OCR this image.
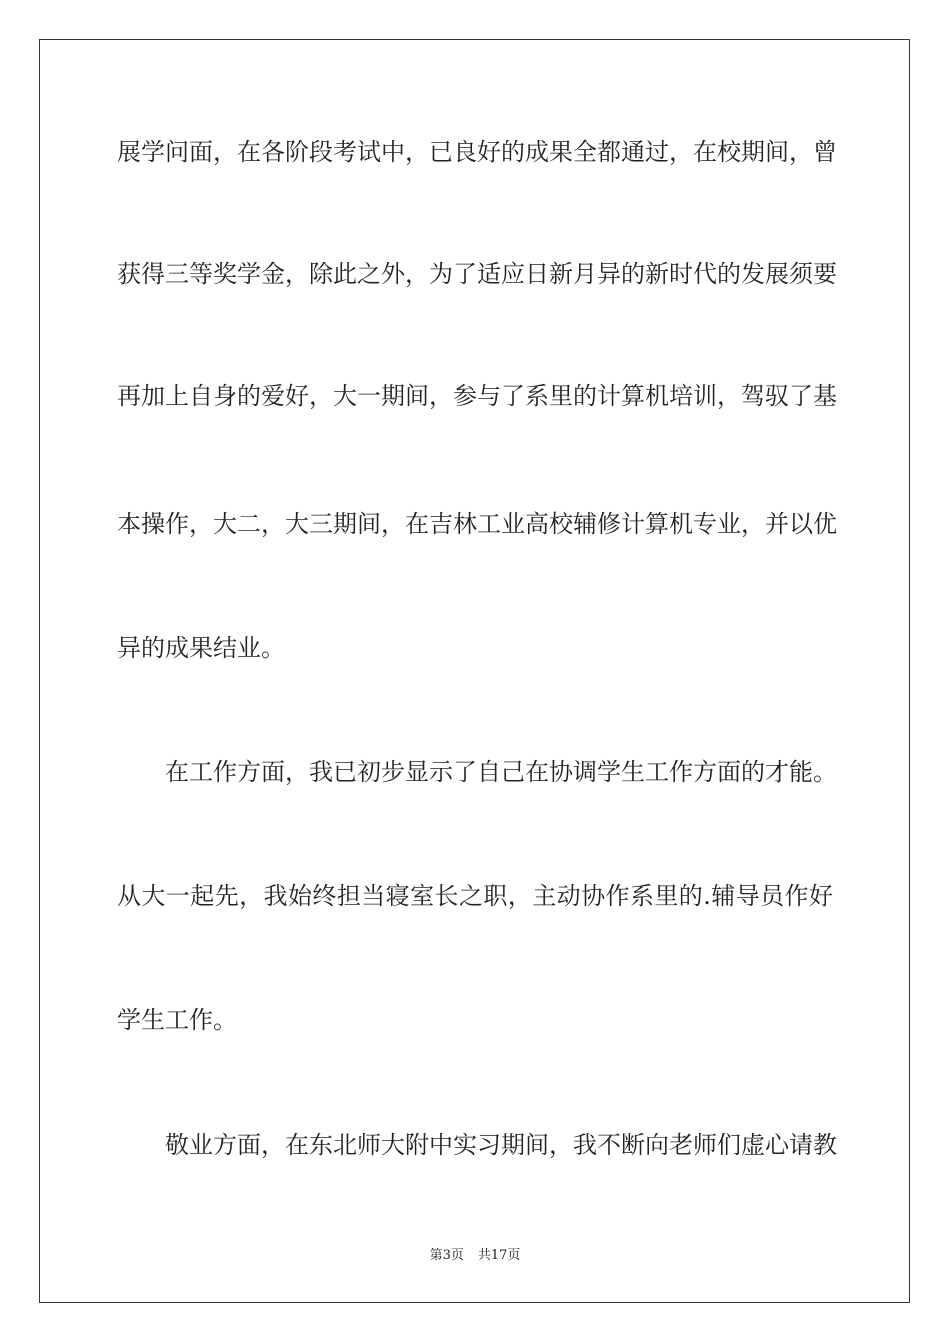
展学问面，在各阶段考试中，已良好的成果全都通过，在校期间，曾
获得三等奖学金，除此之外，为了适应日新月异的新时代的发展须要
再加上自身的爱好，大一期间，参与了系里的计算机培训，驾驭了基
本操作，大二，大三期间，在吉林工业高校辅修计算机专业，并以优
异的成果结业。
在工作方面，我已初步显示了自己在协调学生工作方面的才能。
从大一起先，我始终担当寝室长之职，主动协作系里的.辅导员作好
学生工作。
敬业方面，在东北师大附中实习期间，我不断向老师们虚心请教
第3页 共17页
